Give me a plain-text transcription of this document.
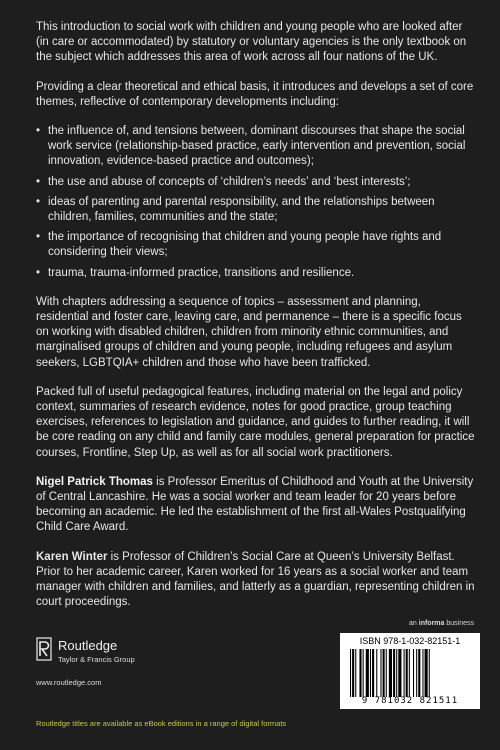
This introduction to social work with children and young people who are looked after (in care or accommodated) by statutory or voluntary agencies is the only textbook on the subject which addresses this area of work across all four nations of the UK.

Providing a clear theoretical and ethical basis, it introduces and develops a set of core themes, reflective of contemporary developments including:

• the influence of, and tensions between, dominant discourses that shape the social work service (relationship-based practice, early intervention and prevention, social innovation, evidence-based practice and outcomes);
• the use and abuse of concepts of ‘children’s needs’ and ‘best interests’;
• ideas of parenting and parental responsibility, and the relationships between children, families, communities and the state;
• the importance of recognising that children and young people have rights and considering their views;
• trauma, trauma-informed practice, transitions and resilience.

With chapters addressing a sequence of topics – assessment and planning, residential and foster care, leaving care, and permanence – there is a specific focus on working with disabled children, children from minority ethnic communities, and marginalised groups of children and young people, including refugees and asylum seekers, LGBTQIA+ children and those who have been trafficked.

Packed full of useful pedagogical features, including material on the legal and policy context, summaries of research evidence, notes for good practice, group teaching exercises, references to legislation and guidance, and guides to further reading, it will be core reading on any child and family care modules, general preparation for practice courses, Frontline, Step Up, as well as for all social work practitioners.

Nigel Patrick Thomas is Professor Emeritus of Childhood and Youth at the University of Central Lancashire. He was a social worker and team leader for 20 years before becoming an academic. He led the establishment of the first all-Wales Postqualifying Child Care Award.

Karen Winter is Professor of Children’s Social Care at Queen’s University Belfast. Prior to her academic career, Karen worked for 16 years as a social worker and team manager with children and families, and latterly as a guardian, representing children in court proceedings.

an informa business
Routledge
Taylor & Francis Group
www.routledge.com
ISBN 978-1-032-82151-1
9 781032 821511
Routledge titles are available as eBook editions in a range of digital formats
